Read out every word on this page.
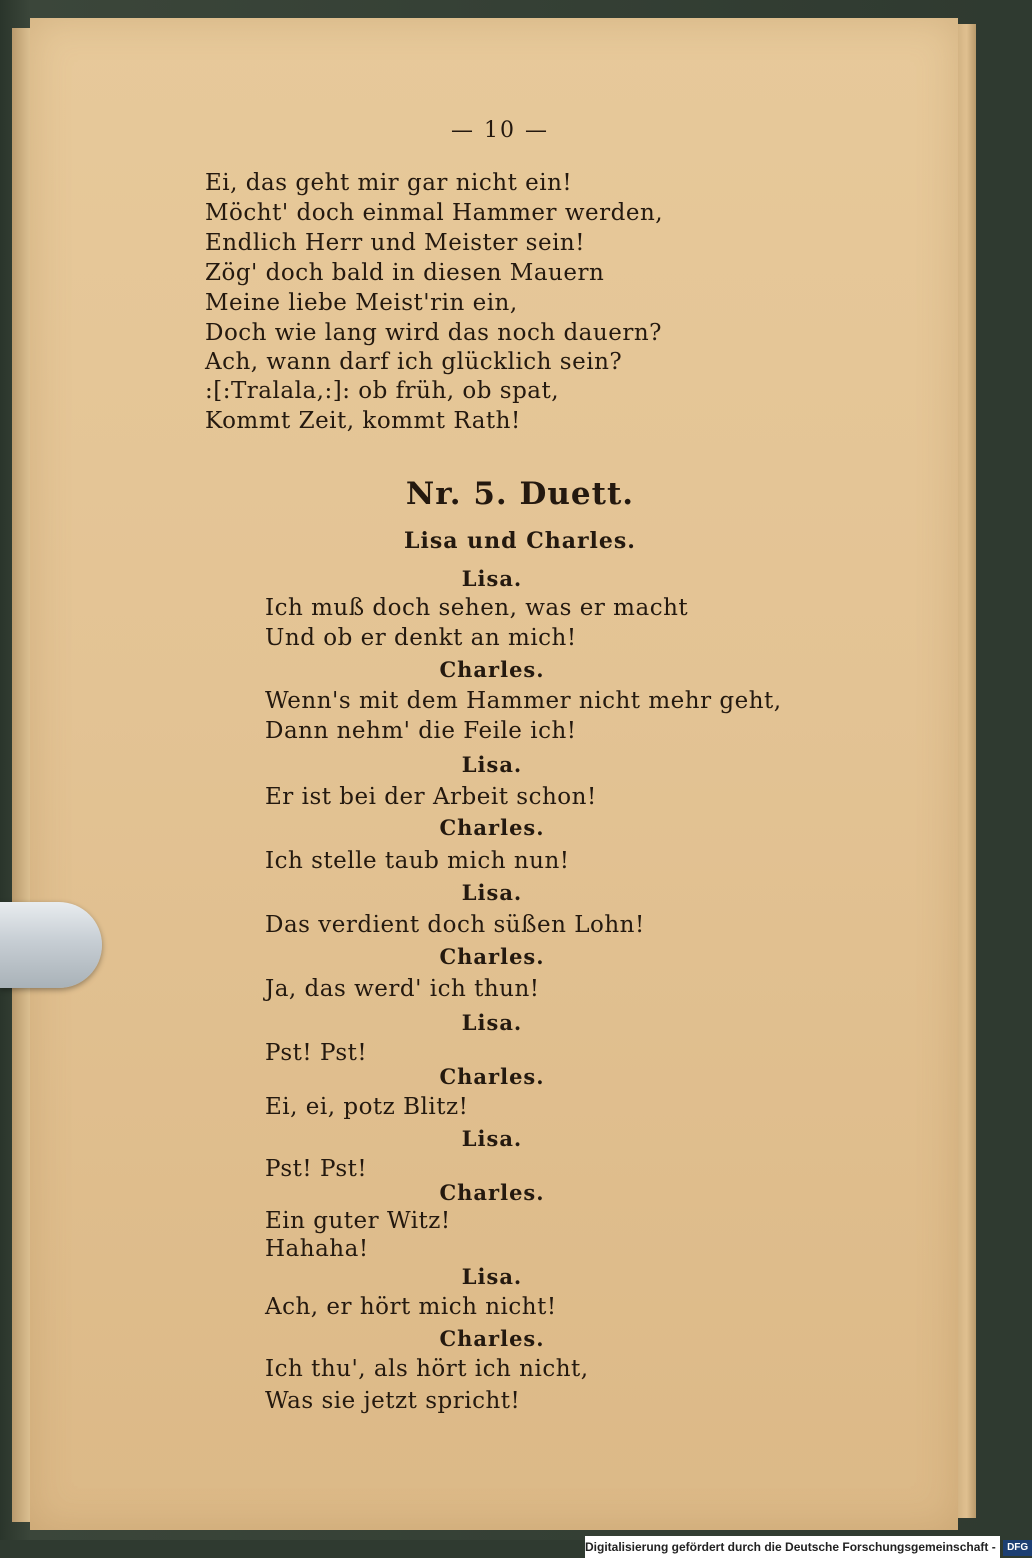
— 10 —
Ei, das geht mir gar nicht ein!
Möcht' doch einmal Hammer werden,
Endlich Herr und Meister sein!
Zög' doch bald in diesen Mauern
Meine liebe Meist'rin ein,
Doch wie lang wird das noch dauern?
Ach, wann darf ich glücklich sein?
:[:Tralala,:]: ob früh, ob spat,
Kommt Zeit, kommt Rath!
Nr. 5. Duett.
Lisa und Charles.
Lisa.
Ich muß doch sehen, was er macht
Und ob er denkt an mich!
Charles.
Wenn's mit dem Hammer nicht mehr geht,
Dann nehm' die Feile ich!
Lisa.
Er ist bei der Arbeit schon!
Charles.
Ich stelle taub mich nun!
Lisa.
Das verdient doch süßen Lohn!
Charles.
Ja, das werd' ich thun!
Lisa.
Pst! Pst!
Charles.
Ei, ei, potz Blitz!
Lisa.
Pst! Pst!
Charles.
Ein guter Witz!
Hahaha!
Lisa.
Ach, er hört mich nicht!
Charles.
Ich thu', als hört ich nicht,
Was sie jetzt spricht!
Digitalisierung gefördert durch die Deutsche Forschungsgemeinschaft - DFG
